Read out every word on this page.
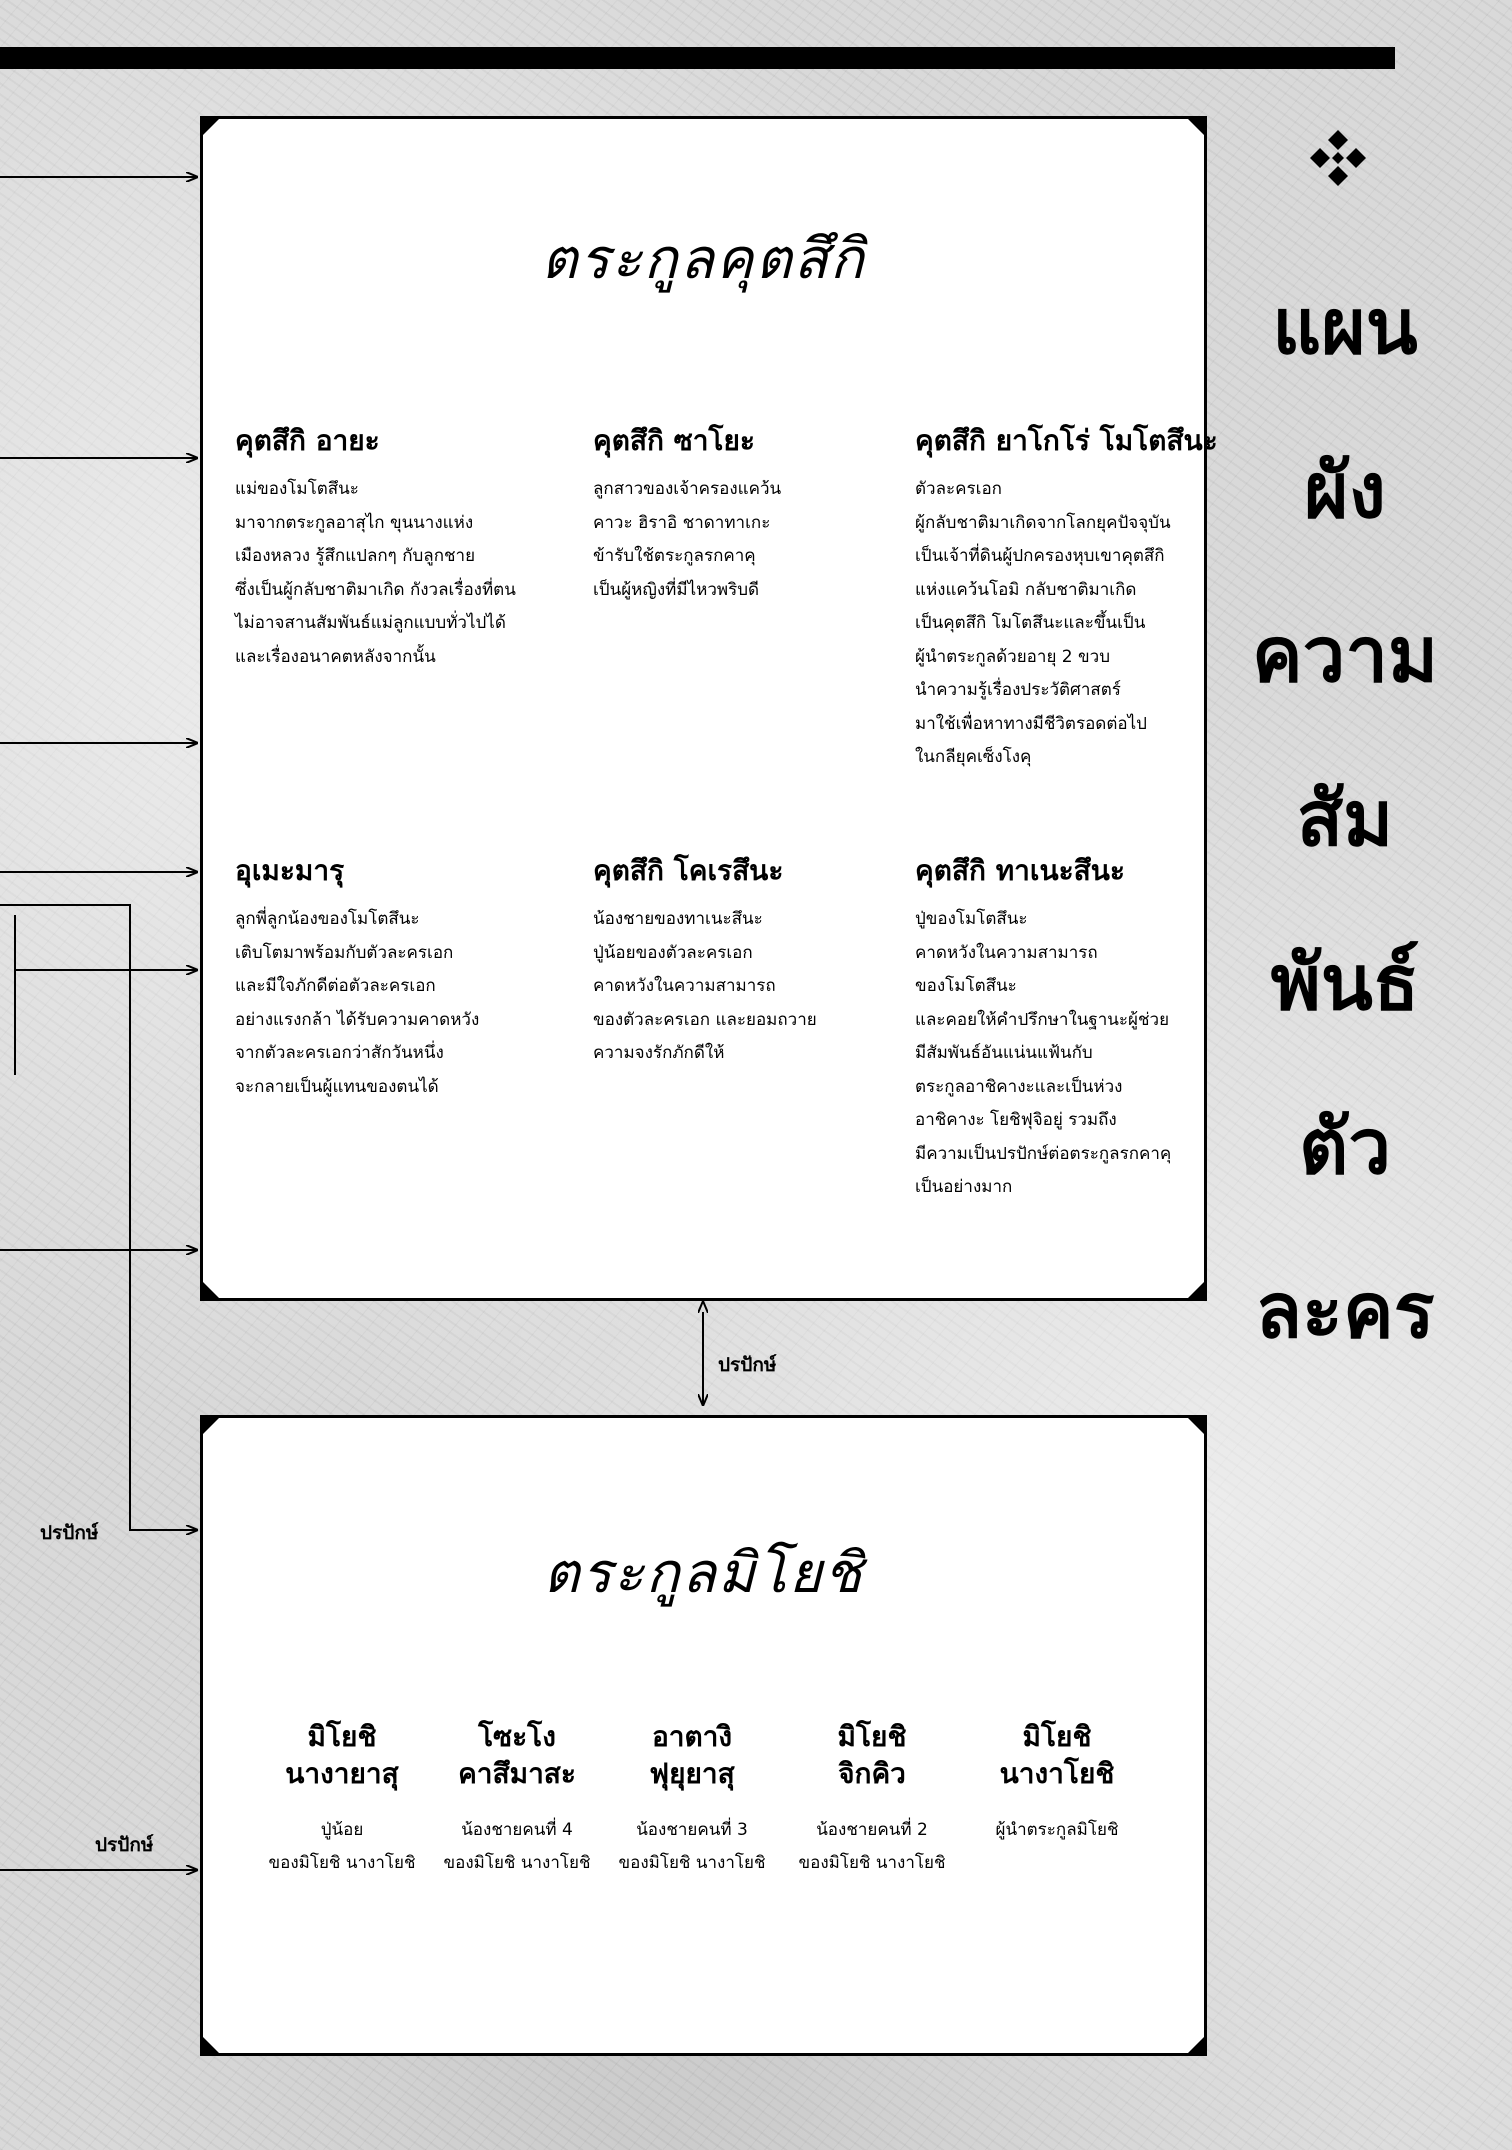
ปรปักษ์
ปรปักษ์
ปรปักษ์
แผน
ผัง
ความ
สัม
พันธ์
ตัว
ละคร
ตระกูลคุตสึกิ
คุตสึกิ อายะ
แม่ของโมโตสึนะ
มาจากตระกูลอาสุไก ขุนนางแห่ง
เมืองหลวง รู้สึกแปลกๆ กับลูกชาย
ซึ่งเป็นผู้กลับชาติมาเกิด กังวลเรื่องที่ตน
ไม่อาจสานสัมพันธ์แม่ลูกแบบทั่วไปได้
และเรื่องอนาคตหลังจากนั้น
คุตสึกิ ซาโยะ
ลูกสาวของเจ้าครองแคว้น
คาวะ ฮิราอิ ชาดาทาเกะ
ข้ารับใช้ตระกูลรกคาคุ
เป็นผู้หญิงที่มีไหวพริบดี
คุตสึกิ ยาโกโร่ โมโตสึนะ
ตัวละครเอก
ผู้กลับชาติมาเกิดจากโลกยุคปัจจุบัน
เป็นเจ้าที่ดินผู้ปกครองหุบเขาคุตสึกิ
แห่งแคว้นโอมิ กลับชาติมาเกิด
เป็นคุตสึกิ โมโตสึนะและขึ้นเป็น
ผู้นำตระกูลด้วยอายุ 2 ขวบ
นำความรู้เรื่องประวัติศาสตร์
มาใช้เพื่อหาทางมีชีวิตรอดต่อไป
ในกลียุคเซ็งโงคุ
อุเมะมารุ
ลูกพี่ลูกน้องของโมโตสึนะ
เติบโตมาพร้อมกับตัวละครเอก
และมีใจภักดีต่อตัวละครเอก
อย่างแรงกล้า ได้รับความคาดหวัง
จากตัวละครเอกว่าสักวันหนึ่ง
จะกลายเป็นผู้แทนของตนได้
คุตสึกิ โคเรสึนะ
น้องชายของทาเนะสึนะ
ปู่น้อยของตัวละครเอก
คาดหวังในความสามารถ
ของตัวละครเอก และยอมถวาย
ความจงรักภักดีให้
คุตสึกิ ทาเนะสึนะ
ปู่ของโมโตสึนะ
คาดหวังในความสามารถ
ของโมโตสึนะ
และคอยให้คำปรึกษาในฐานะผู้ช่วย
มีสัมพันธ์อันแน่นแฟ้นกับ
ตระกูลอาชิคางะและเป็นห่วง
อาชิคางะ โยชิฟุจิอยู่ รวมถึง
มีความเป็นปรปักษ์ต่อตระกูลรกคาคุ
เป็นอย่างมาก
ตระกูลมิโยชิ
มิโยชิ
นางายาสุ
ปู่น้อย
ของมิโยชิ นางาโยชิ
โซะโง
คาสึมาสะ
น้องชายคนที่ 4
ของมิโยชิ นางาโยชิ
อาตางิ
ฟุยุยาสุ
น้องชายคนที่ 3
ของมิโยชิ นางาโยชิ
มิโยชิ
จิกคิว
น้องชายคนที่ 2
ของมิโยชิ นางาโยชิ
มิโยชิ
นางาโยชิ
ผู้นำตระกูลมิโยชิ
